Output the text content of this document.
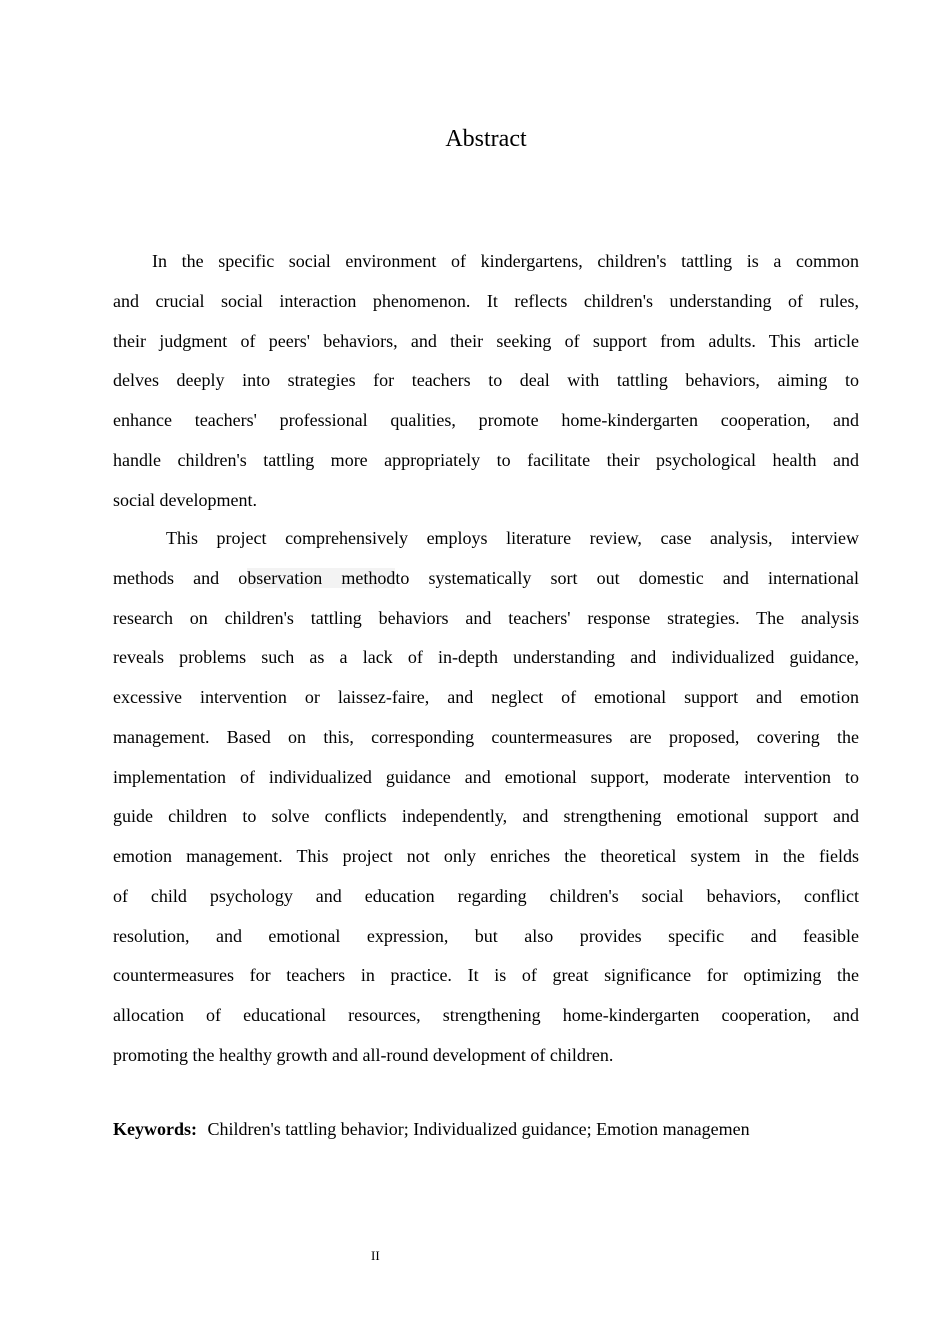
Abstract
In the specific social environment of kindergartens, children's tattling is a common
and crucial social interaction phenomenon. It reflects children's understanding of rules,
their judgment of peers' behaviors, and their seeking of support from adults. This article
delves deeply into strategies for teachers to deal with tattling behaviors, aiming to
enhance teachers' professional qualities, promote home-kindergarten cooperation, and
handle children's tattling more appropriately to facilitate their psychological health and
social development.
This project comprehensively employs literature review, case analysis, interview
methods and observation methodto systematically sort out domestic and international
research on children's tattling behaviors and teachers' response strategies. The analysis
reveals problems such as a lack of in-depth understanding and individualized guidance,
excessive intervention or laissez-faire, and neglect of emotional support and emotion
management. Based on this, corresponding countermeasures are proposed, covering the
implementation of individualized guidance and emotional support, moderate intervention to
guide children to solve conflicts independently, and strengthening emotional support and
emotion management. This project not only enriches the theoretical system in the fields
of child psychology and education regarding children's social behaviors, conflict
resolution, and emotional expression, but also provides specific and feasible
countermeasures for teachers in practice. It is of great significance for optimizing the
allocation of educational resources, strengthening home-kindergarten cooperation, and
promoting the healthy growth and all-round development of children.
Keywords: Children's tattling behavior; Individualized guidance; Emotion managemen
II
